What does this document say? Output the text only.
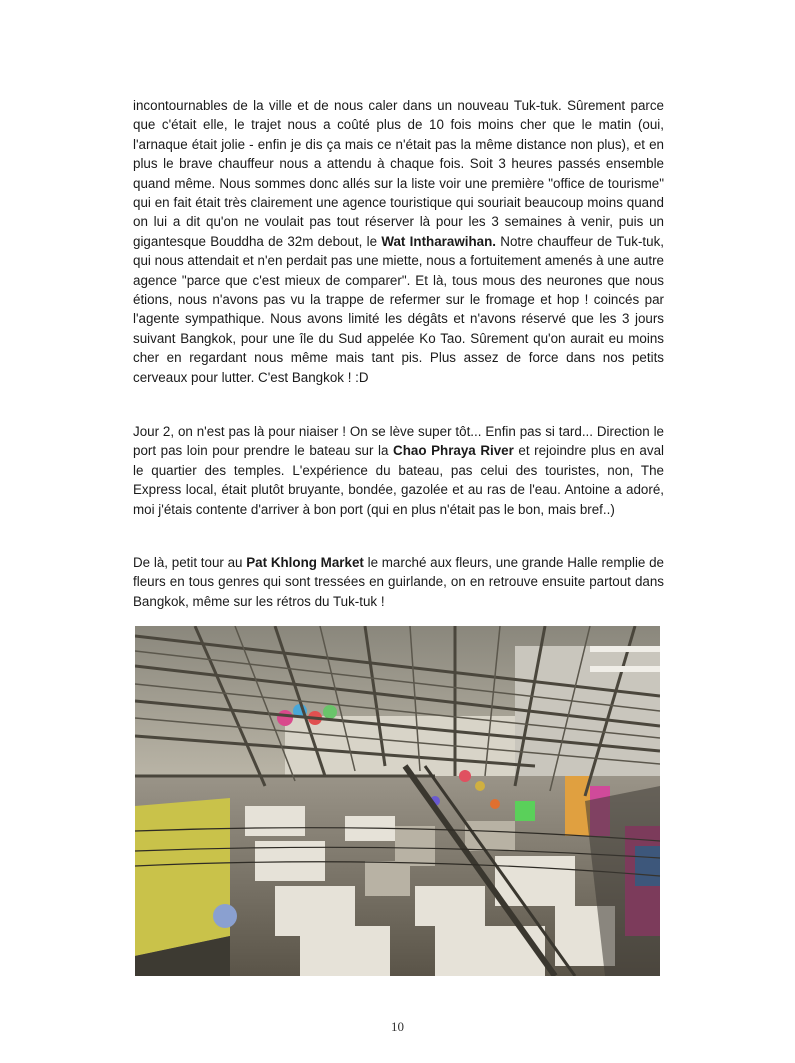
incontournables de la ville et de nous caler dans un nouveau Tuk-tuk. Sûrement parce que c'était elle, le trajet nous a coûté plus de 10 fois moins cher que le matin (oui, l'arnaque était jolie - enfin je dis ça mais ce n'était pas la même distance non plus), et en plus le brave chauffeur nous a attendu à chaque fois. Soit 3 heures passés ensemble quand même. Nous sommes donc allés sur la liste voir une première "office de tourisme" qui en fait était très clairement une agence touristique qui souriait beaucoup moins quand on lui a dit qu'on ne voulait pas tout réserver là pour les 3 semaines à venir, puis un gigantesque Bouddha de 32m debout, le Wat Intharawihan. Notre chauffeur de Tuk-tuk, qui nous attendait et n'en perdait pas une miette, nous a fortuitement amenés à une autre agence "parce que c'est mieux de comparer". Et là, tous mous des neurones que nous étions, nous n'avons pas vu la trappe de refermer sur le fromage et hop ! coincés par l'agente sympathique. Nous avons limité les dégâts et n'avons réservé que les 3 jours suivant Bangkok, pour une île du Sud appelée Ko Tao. Sûrement qu'on aurait eu moins cher en regardant nous même mais tant pis. Plus assez de force dans nos petits cerveaux pour lutter. C'est Bangkok ! :D

Jour 2, on n'est pas là pour niaiser ! On se lève super tôt... Enfin pas si tard... Direction le port pas loin pour prendre le bateau sur la Chao Phraya River et rejoindre plus en aval le quartier des temples. L'expérience du bateau, pas celui des touristes, non, The Express local, était plutôt bruyante, bondée, gazolée et au ras de l'eau. Antoine a adoré, moi j'étais contente d'arriver à bon port (qui en plus n'était pas le bon, mais bref..)

De là, petit tour au Pat Khlong Market le marché aux fleurs, une grande Halle remplie de fleurs en tous genres qui sont tressées en guirlande, on en retrouve ensuite partout dans Bangkok, même sur les rétros du Tuk-tuk !

10
